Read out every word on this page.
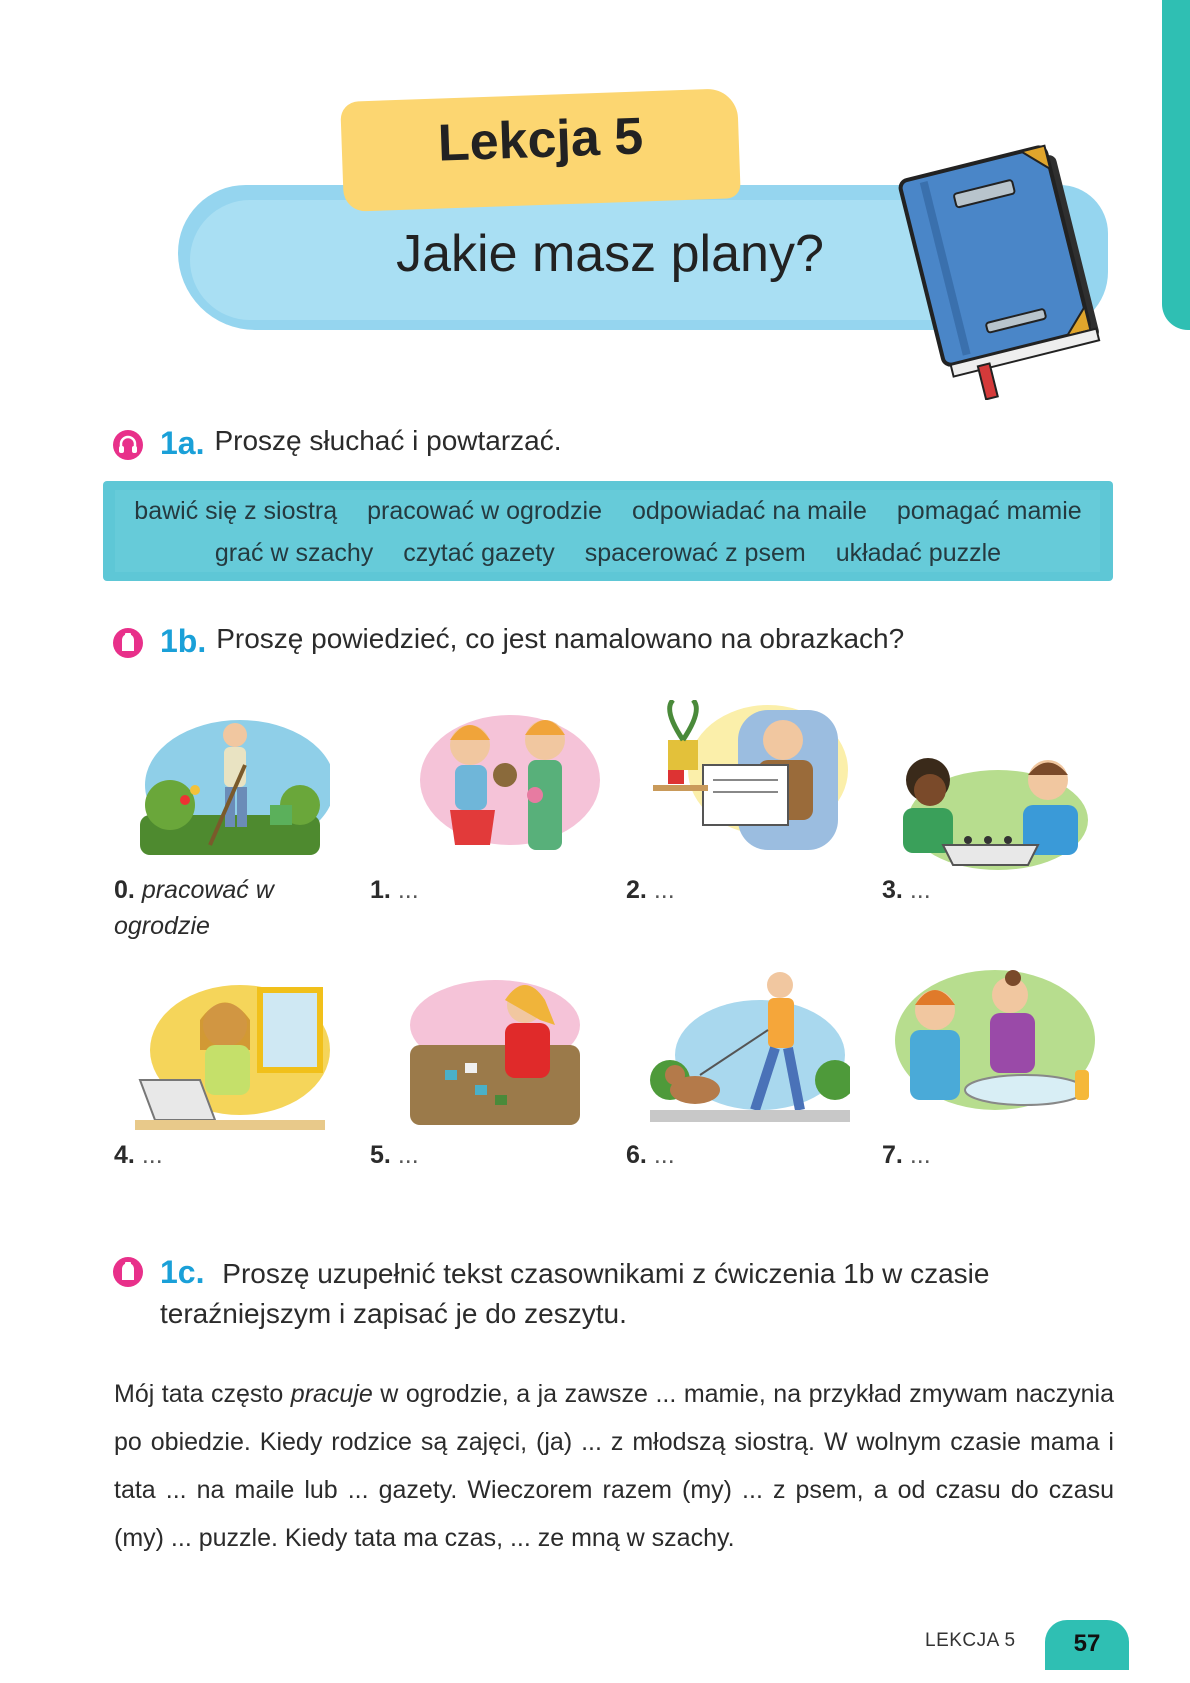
Lekcja 5
Jakie masz plany?
1a. Proszę słuchać i powtarzać.
bawić się z siostrą pracować w ogrodzie odpowiadać na maile pomagać mamie
grać w szachy czytać gazety spacerować z psem układać puzzle
1b. Proszę powiedzieć, co jest namalowano na obrazkach?
0. pracować w ogrodzie
1. ...	2. ...	3. ...
4. ...	5. ...	6. ...	7. ...
1c. Proszę uzupełnić tekst czasownikami z ćwiczenia 1b w czasie
teraźniejszym i zapisać je do zeszytu.
Mój tata często pracuje w ogrodzie, a ja zawsze ... mamie, na przykład zmywam naczynia po obiedzie. Kiedy rodzice są zajęci, (ja) ... z młodszą siostrą. W wolnym czasie mama i tata ... na maile lub ... gazety. Wieczorem razem (my) ... z psem, a od czasu do czasu (my) ... puzzle. Kiedy tata ma czas, ... ze mną w szachy.
LEKCJA 5	57
